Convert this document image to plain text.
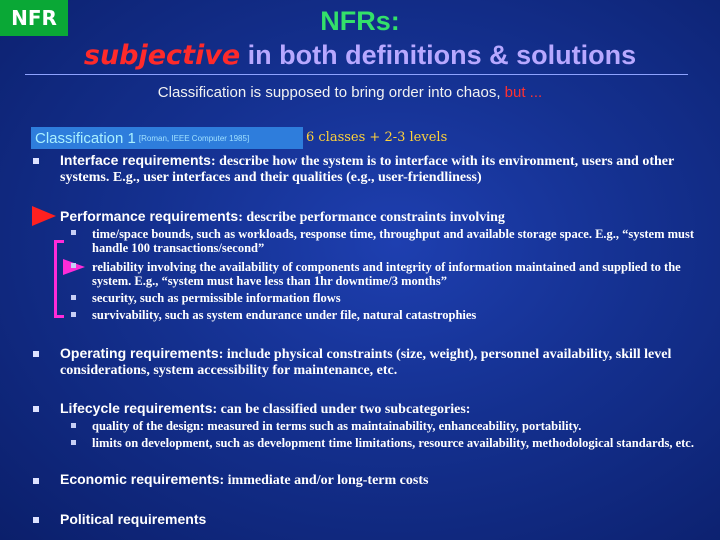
NFR	NFRs:
subjective in both definitions & solutions
Classification is supposed to bring order into chaos, but ...
Classification 1 [Roman, IEEE Computer 1985]	6 classes + 2-3 levels
Interface requirements: describe how the system is to interface with its environment, users and other systems. E.g., user interfaces and their qualities (e.g., user-friendliness)
Performance requirements: describe performance constraints involving
time/space bounds, such as workloads, response time, throughput and available storage space. E.g., “system must handle 100 transactions/second”
reliability involving the availability of components and integrity of information maintained and supplied to the system. E.g., “system must have less than 1hr downtime/3 months”
security, such as permissible information flows
survivability, such as system endurance under file, natural catastrophies
Operating requirements: include physical constraints (size, weight), personnel availability, skill level considerations, system accessibility for maintenance, etc.
Lifecycle requirements: can be classified under two subcategories:
quality of the design: measured in terms such as maintainability, enhanceability, portability.
limits on development, such as development time limitations, resource availability, methodological standards, etc.
Economic requirements: immediate and/or long-term costs
Political requirements
